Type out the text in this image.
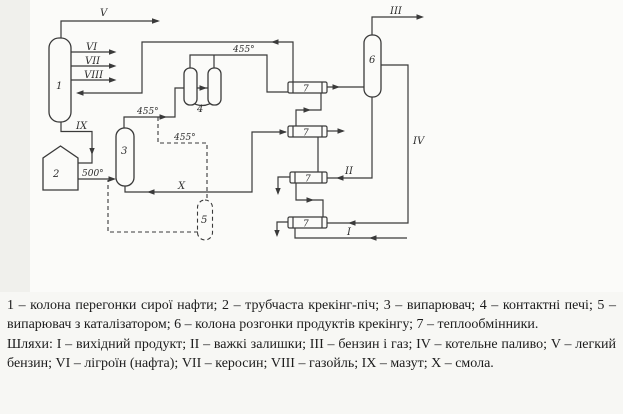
V
VI
VII
VIII
IX
X
III
IV
II
I
1
2
3
4
5
6
7
7
7
7
455°
455°
455°
500°

1 – колона перегонки сирої нафти; 2 – трубчаста крекінг-піч; 3 – випарювач; 4 – контактні печі; 5 – випарювач з каталізатором; 6 – колона розгонки продуктів крекінгу; 7 – теплообмінники.

Шляхи: I – вихідний продукт; II – важкі залишки; III – бензин і газ; IV – котельне паливо; V – легкий бензин; VI – лігроїн (нафта); VII – керосин; VIII – газойль; IX – мазут; X – смола.
